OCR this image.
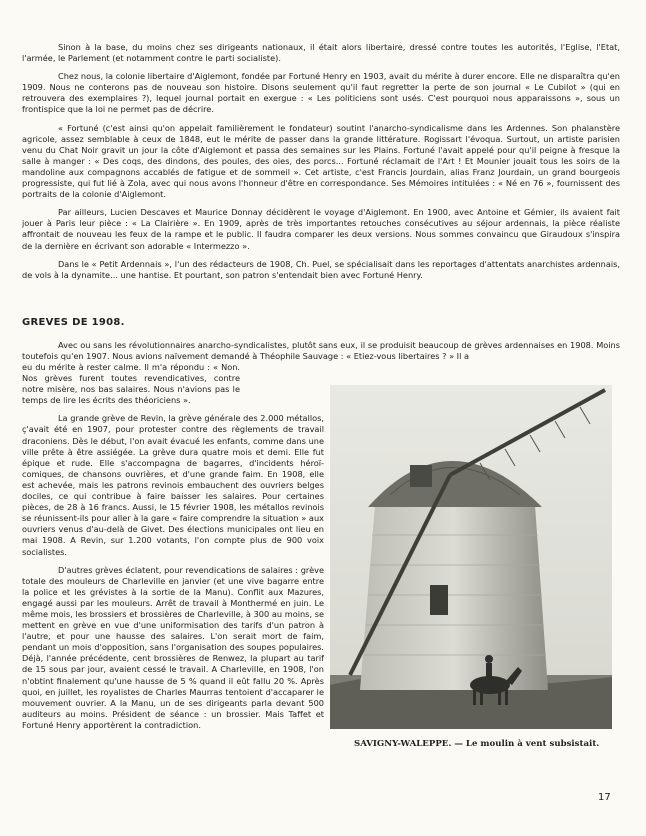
Sinon à la base, du moins chez ses dirigeants nationaux, il était alors libertaire, dressé contre toutes les autorités, l'Eglise, l'Etat, l'armée, le Parlement (et notamment contre le parti socialiste).

Chez nous, la colonie libertaire d'Aiglemont, fondée par Fortuné Henry en 1903, avait du mérite à durer encore. Elle ne disparaîtra qu'en 1909. Nous ne conterons pas de nouveau son histoire. Disons seulement qu'il faut regretter la perte de son journal « Le Cubilot » (qui en retrouvera des exemplaires ?), lequel journal portait en exergue : « Les politiciens sont usés. C'est pourquoi nous apparaissons », sous un frontispice que la loi ne permet pas de décrire.

« Fortuné (c'est ainsi qu'on appelait familièrement le fondateur) soutint l'anarcho-syndicalisme dans les Ardennes. Son phalanstère agricole, assez semblable à ceux de 1848, eut le mérite de passer dans la grande littérature. Rogissart l'évoqua. Surtout, un artiste parisien venu du Chat Noir gravit un jour la côte d'Aiglemont et passa des semaines sur les Plains. Fortuné l'avait appelé pour qu'il peigne à fresque la salle à manger : « Des coqs, des dindons, des poules, des oies, des porcs... Fortuné réclamait de l'Art ! Et Mounier jouait tous les soirs de la mandoline aux compagnons accablés de fatigue et de sommeil ». Cet artiste, c'est Francis Jourdain, alias Franz Jourdain, un grand bourgeois progressiste, qui fut lié à Zola, avec qui nous avons l'honneur d'être en correspondance. Ses Mémoires intitulées : « Né en 76 », fournissent des portraits de la colonie d'Aiglemont.

Par ailleurs, Lucien Descaves et Maurice Donnay décidèrent le voyage d'Aiglemont. En 1900, avec Antoine et Gémier, ils avaient fait jouer à Paris leur pièce : « La Clairière ». En 1909, après de très importantes retouches consécutives au séjour ardennais, la pièce réaliste affrontait de nouveau les feux de la rampe et le public. Il faudra comparer les deux versions. Nous sommes convaincu que Giraudoux s'inspira de la dernière en écrivant son adorable « Intermezzo ».

Dans le « Petit Ardennais », l'un des rédacteurs de 1908, Ch. Puel, se spécialisait dans les reportages d'attentats anarchistes ardennais, de vols à la dynamite... une hantise. Et pourtant, son patron s'entendait bien avec Fortuné Henry.

GREVES DE 1908.

Avec ou sans les révolutionnaires anarcho-syndicalistes, plutôt sans eux, il se produisit beaucoup de grèves ardennaises en 1908. Moins toutefois qu'en 1907. Nous avions naïvement demandé à Théophile Sauvage : « Etiez-vous libertaires ? » Il a

eu du mérite à rester calme. Il m'a répondu : « Non. Nos grèves furent toutes revendicatives, contre notre misère, nos bas salaires. Nous n'avions pas le temps de lire les écrits des théoriciens ».

La grande grève de Revin, la grève générale des 2.000 métallos, ç'avait été en 1907, pour protester contre des règlements de travail draconiens. Dès le début, l'on avait évacué les enfants, comme dans une ville prête à être assiégée. La grève dura quatre mois et demi. Elle fut épique et rude. Elle s'accompagna de bagarres, d'incidents héroï-comiques, de chansons ouvrières, et d'une grande faim. En 1908, elle est achevée, mais les patrons revinois embauchent des ouvriers belges dociles, ce qui contribue à faire baisser les salaires. Pour certaines pièces, de 28 à 16 francs. Aussi, le 15 février 1908, les métallos revinois se réunissent-ils pour aller à la gare « faire comprendre la situation » aux ouvriers venus d'au-delà de Givet. Des élections municipales ont lieu en mai 1908. A Revin, sur 1.200 votants, l'on compte plus de 900 voix socialistes.

D'autres grèves éclatent, pour revendications de salaires : grève totale des mouleurs de Charleville en janvier (et une vive bagarre entre la police et les grévistes à la sortie de la Manu). Conflit aux Mazures, engagé aussi par les mouleurs. Arrêt de travail à Monthermé en juin. Le même mois, les brossiers et brossières de Charleville, à 300 au moins, se mettent en grève en vue d'une uniformisation des tarifs d'un patron à l'autre, et pour une hausse des salaires. L'on serait mort de faim, pendant un mois d'opposition, sans l'organisation des soupes populaires. Déjà, l'année précédente, cent brossières de Renwez, la plupart au tarif de 15 sous par jour, avaient cessé le travail. A Charleville, en 1908, l'on n'obtint finalement qu'une hausse de 5 % quand il eût fallu 20 %. Après quoi, en juillet, les royalistes de Charles Maurras tentoient d'accaparer le mouvement ouvrier. A la Manu, un de ses dirigeants parla devant 500 auditeurs au moins. Président de séance : un brossier. Mais Taffet et Fortuné Henry apportèrent la contradiction.

SAVIGNY-WALEPPE. — Le moulin à vent subsistait.
17
